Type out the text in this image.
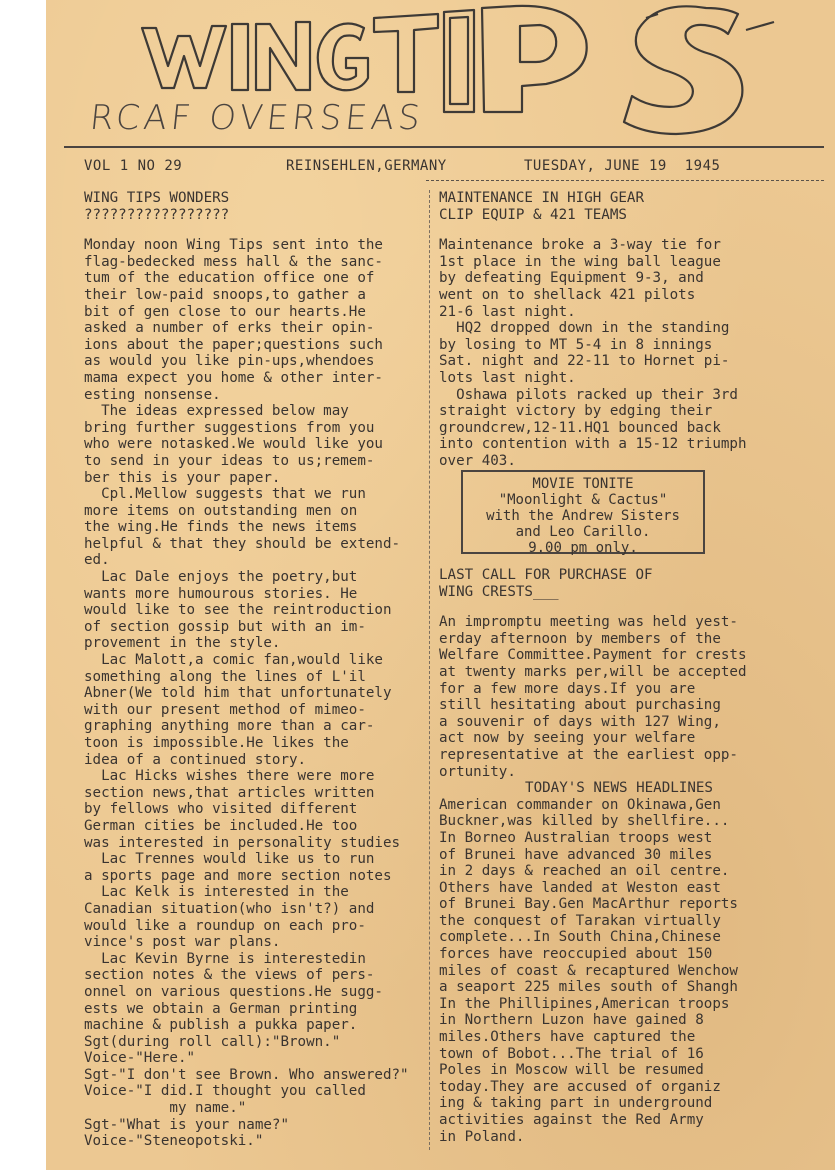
RCAF OVERSEAS
VOL 1 NO 29	REINSEHLEN,GERMANY	TUESDAY, JUNE 19  1945

WING TIPS WONDERS
?????????????????

Monday noon Wing Tips sent into the

flag-bedecked mess hall & the sanc-

tum of the education office one of

their low-paid snoops,to gather a

bit of gen close to our hearts.He

asked a number of erks their opin-

ions about the paper;questions such

as would you like pin-ups,whendoes

mama expect you home & other inter-

esting nonsense.

The ideas expressed below may

bring further suggestions from you

who were notasked.We would like you

to send in your ideas to us;remem-

ber this is your paper.

Cpl.Mellow suggests that we run

more items on outstanding men on

the wing.He finds the news items

helpful & that they should be extend-

ed.

Lac Dale enjoys the poetry,but

wants more humourous stories. He

would like to see the reintroduction

of section gossip but with an im-

provement in the style.

Lac Malott,a comic fan,would like

something along the lines of L'il

Abner(We told him that unfortunately

with our present method of mimeo-

graphing anything more than a car-

toon is impossible.He likes the

idea of a continued story.

Lac Hicks wishes there were more

section news,that articles written

by fellows who visited different

German cities be included.He too

was interested in personality studies

Lac Trennes would like us to run

a sports page and more section notes

Lac Kelk is interested in the

Canadian situation(who isn't?) and

would like a roundup on each pro-

vince's post war plans.

Lac Kevin Byrne is interestedin

section notes & the views of pers-

onnel on various questions.He sugg-

ests we obtain a German printing

machine & publish a pukka paper.

Sgt(during roll call):"Brown."

Voice-"Here."

Sgt-"I don't see Brown. Who answered?"

Voice-"I did.I thought you called

my name."

Sgt-"What is your name?"

Voice-"Steneopotski."

MAINTENANCE IN HIGH GEAR
CLIP EQUIP & 421 TEAMS

Maintenance broke a 3-way tie for

1st place in the wing ball league

by defeating Equipment 9-3, and

went on to shellack 421 pilots

21-6 last night.

HQ2 dropped down in the standing

by losing to MT 5-4 in 8 innings

Sat. night and 22-11 to Hornet pi-

lots last night.

Oshawa pilots racked up their 3rd

straight victory by edging their

groundcrew,12-11.HQ1 bounced back

into contention with a 15-12 triumph

over 403.

MOVIE TONITE
"Moonlight & Cactus"
with the Andrew Sisters
and Leo Carillo.
9.00 pm only.

LAST CALL FOR PURCHASE OF
WING CRESTS___

An impromptu meeting was held yest-

erday afternoon by members of the

Welfare Committee.Payment for crests

at twenty marks per,will be accepted

for a few more days.If you are

still hesitating about purchasing

a souvenir of days with 127 Wing,

act now by seeing your welfare

representative at the earliest opp-

ortunity.

TODAY'S NEWS HEADLINES

American commander on Okinawa,Gen

Buckner,was killed by shellfire...

In Borneo Australian troops west

of Brunei have advanced 30 miles

in 2 days & reached an oil centre.

Others have landed at Weston east

of Brunei Bay.Gen MacArthur reports

the conquest of Tarakan virtually

complete...In South China,Chinese

forces have reoccupied about 150

miles of coast & recaptured Wenchow

a seaport 225 miles south of Shangh

In the Phillipines,American troops

in Northern Luzon have gained 8

miles.Others have captured the

town of Bobot...The trial of 16

Poles in Moscow will be resumed

today.They are accused of organiz

ing & taking part in underground

activities against the Red Army

in Poland.
